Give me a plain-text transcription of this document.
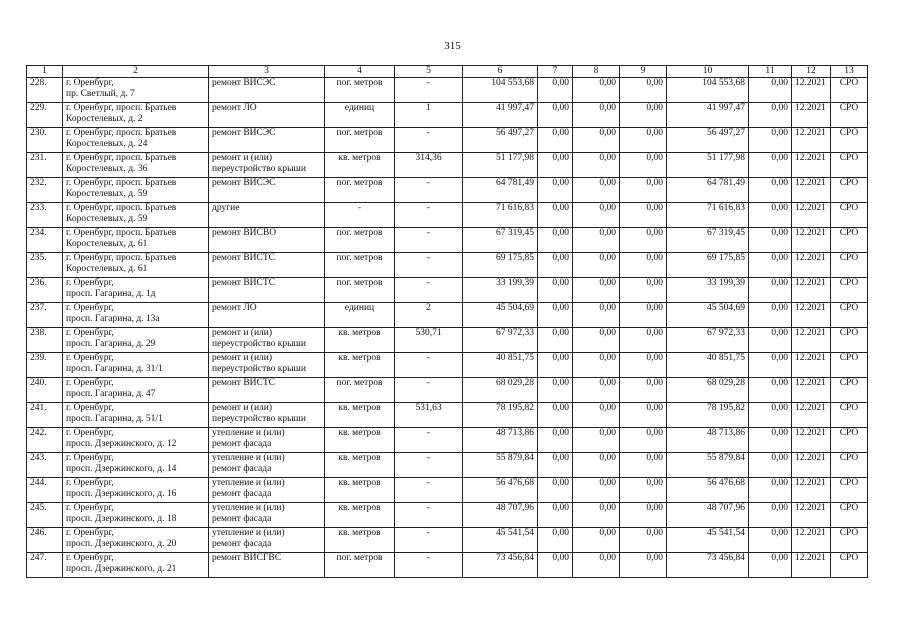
315
1	2	3	4	5	6	7	8	9	10	11	12	13
228.	г. Оренбург,
пр. Светлый, д. 7	ремонт ВИСЭС	пог. метров	-	104 553,68	0,00	0,00	0,00	104 553,68	0,00	12.2021	СРО
229.	г. Оренбург, просп. Братьев
Коростелевых, д. 2	ремонт ЛО	единиц	1	41 997,47	0,00	0,00	0,00	41 997,47	0,00	12.2021	СРО
230.	г. Оренбург, просп. Братьев
Коростелевых, д. 24	ремонт ВИСЭС	пог. метров	-	56 497,27	0,00	0,00	0,00	56 497,27	0,00	12.2021	СРО
231.	г. Оренбург, просп. Братьев
Коростелевых, д. 36	ремонт и (или)
переустройство крыши	кв. метров	314,36	51 177,98	0,00	0,00	0,00	51 177,98	0,00	12.2021	СРО
232.	г. Оренбург, просп. Братьев
Коростелевых, д. 59	ремонт ВИСЭС	пог. метров	-	64 781,49	0,00	0,00	0,00	64 781,49	0,00	12.2021	СРО
233.	г. Оренбург, просп. Братьев
Коростелевых, д. 59	другие	-	-	71 616,83	0,00	0,00	0,00	71 616,83	0,00	12.2021	СРО
234.	г. Оренбург, просп. Братьев
Коростелевых, д. 61	ремонт ВИСВО	пог. метров	-	67 319,45	0,00	0,00	0,00	67 319,45	0,00	12.2021	СРО
235.	г. Оренбург, просп. Братьев
Коростелевых, д. 61	ремонт ВИСТС	пог. метров	-	69 175,85	0,00	0,00	0,00	69 175,85	0,00	12.2021	СРО
236.	г. Оренбург,
просп. Гагарина, д. 1д	ремонт ВИСТС	пог. метров	-	33 199,39	0,00	0,00	0,00	33 199,39	0,00	12.2021	СРО
237.	г. Оренбург,
просп. Гагарина, д. 13а	ремонт ЛО	единиц	2	45 504,69	0,00	0,00	0,00	45 504,69	0,00	12.2021	СРО
238.	г. Оренбург,
просп. Гагарина, д. 29	ремонт и (или)
переустройство крыши	кв. метров	530,71	67 972,33	0,00	0,00	0,00	67 972,33	0,00	12.2021	СРО
239.	г. Оренбург,
просп. Гагарина, д. 31/1	ремонт и (или)
переустройство крыши	кв. метров	-	40 851,75	0,00	0,00	0,00	40 851,75	0,00	12.2021	СРО
240.	г. Оренбург,
просп. Гагарина, д. 47	ремонт ВИСТС	пог. метров	-	68 029,28	0,00	0,00	0,00	68 029,28	0,00	12.2021	СРО
241.	г. Оренбург,
просп. Гагарина, д. 51/1	ремонт и (или)
переустройство крыши	кв. метров	531,63	78 195,82	0,00	0,00	0,00	78 195,82	0,00	12.2021	СРО
242.	г. Оренбург,
просп. Дзержинского, д. 12	утепление и (или)
ремонт фасада	кв. метров	-	48 713,86	0,00	0,00	0,00	48 713,86	0,00	12.2021	СРО
243.	г. Оренбург,
просп. Дзержинского, д. 14	утепление и (или)
ремонт фасада	кв. метров	-	55 879,84	0,00	0,00	0,00	55 879,84	0,00	12.2021	СРО
244.	г. Оренбург,
просп. Дзержинского, д. 16	утепление и (или)
ремонт фасада	кв. метров	-	56 476,68	0,00	0,00	0,00	56 476,68	0,00	12.2021	СРО
245.	г. Оренбург,
просп. Дзержинского, д. 18	утепление и (или)
ремонт фасада	кв. метров	-	48 707,96	0,00	0,00	0,00	48 707,96	0,00	12.2021	СРО
246.	г. Оренбург,
просп. Дзержинского, д. 20	утепление и (или)
ремонт фасада	кв. метров	-	45 541,54	0,00	0,00	0,00	45 541,54	0,00	12.2021	СРО
247.	г. Оренбург,
просп. Дзержинского, д. 21	ремонт ВИСГВС	пог. метров	-	73 456,84	0,00	0,00	0,00	73 456,84	0,00	12.2021	СРО
